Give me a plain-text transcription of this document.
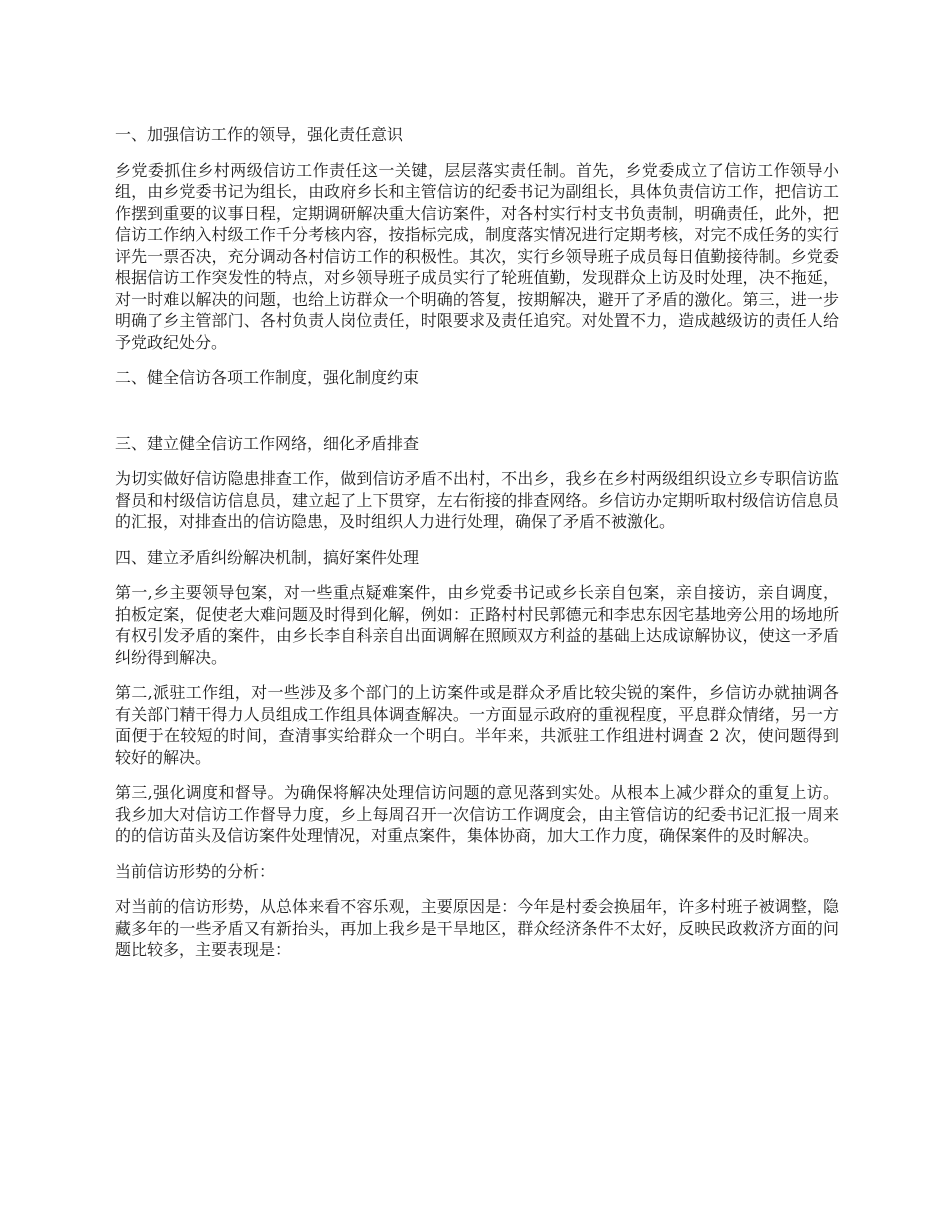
一、加强信访工作的领导，强化责任意识

乡党委抓住乡村两级信访工作责任这一关键，层层落实责任制。首先，乡党委成立了信访工作领导小组，由乡党委书记为组长，由政府乡长和主管信访的纪委书记为副组长，具体负责信访工作，把信访工作摆到重要的议事日程，定期调研解决重大信访案件，对各村实行村支书负责制，明确责任，此外，把信访工作纳入村级工作千分考核内容，按指标完成，制度落实情况进行定期考核，对完不成任务的实行评先一票否决，充分调动各村信访工作的积极性。其次，实行乡领导班子成员每日值勤接待制。乡党委根据信访工作突发性的特点，对乡领导班子成员实行了轮班值勤，发现群众上访及时处理，决不拖延，对一时难以解决的问题，也给上访群众一个明确的答复，按期解决，避开了矛盾的激化。第三，进一步明确了乡主管部门、各村负责人岗位责任，时限要求及责任追究。对处置不力，造成越级访的责任人给予党政纪处分。

二、健全信访各项工作制度，强化制度约束

三、建立健全信访工作网络，细化矛盾排查

为切实做好信访隐患排查工作，做到信访矛盾不出村，不出乡，我乡在乡村两级组织设立乡专职信访监督员和村级信访信息员，建立起了上下贯穿，左右衔接的排查网络。乡信访办定期听取村级信访信息员的汇报，对排查出的信访隐患，及时组织人力进行处理，确保了矛盾不被激化。

四、建立矛盾纠纷解决机制，搞好案件处理

第一,乡主要领导包案，对一些重点疑难案件，由乡党委书记或乡长亲自包案，亲自接访，亲自调度，拍板定案，促使老大难问题及时得到化解，例如：正路村村民郭德元和李忠东因宅基地旁公用的场地所有权引发矛盾的案件，由乡长李自科亲自出面调解在照顾双方利益的基础上达成谅解协议，使这一矛盾纠纷得到解决。

第二,派驻工作组，对一些涉及多个部门的上访案件或是群众矛盾比较尖锐的案件，乡信访办就抽调各有关部门精干得力人员组成工作组具体调查解决。一方面显示政府的重视程度，平息群众情绪，另一方面便于在较短的时间，查清事实给群众一个明白。半年来，共派驻工作组进村调查 2 次，使问题得到较好的解决。

第三,强化调度和督导。为确保将解决处理信访问题的意见落到实处。从根本上减少群众的重复上访。我乡加大对信访工作督导力度，乡上每周召开一次信访工作调度会，由主管信访的纪委书记汇报一周来的的信访苗头及信访案件处理情况，对重点案件，集体协商，加大工作力度，确保案件的及时解决。

当前信访形势的分析：

对当前的信访形势，从总体来看不容乐观，主要原因是：今年是村委会换届年，许多村班子被调整，隐藏多年的一些矛盾又有新抬头，再加上我乡是干旱地区，群众经济条件不太好，反映民政救济方面的问题比较多，主要表现是：
